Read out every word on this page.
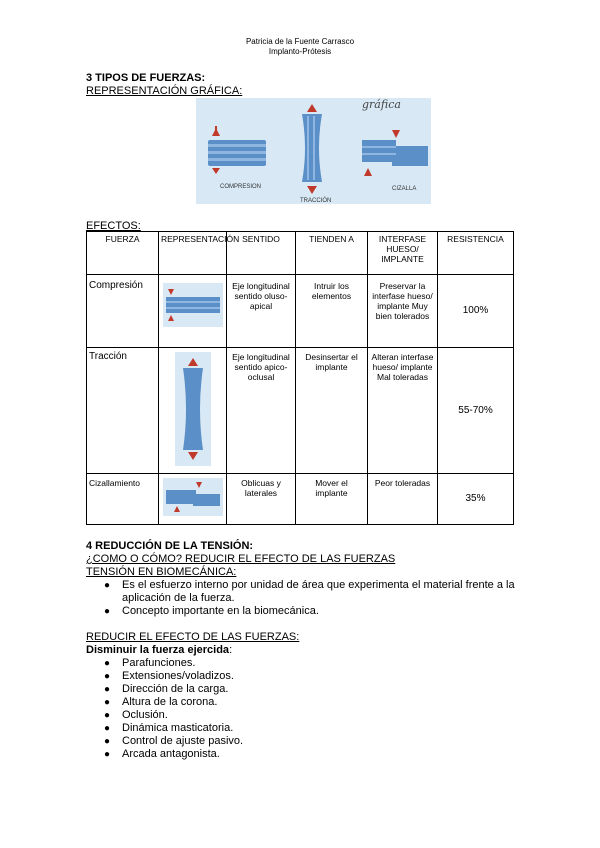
Patricia de la Fuente Carrasco
Implanto-Prótesis
3 TIPOS DE FUERZAS:
REPRESENTACIÓN GRÁFICA:
COMPRESION
TRACCIÓN
CIZALLA
gráfica
EFECTOS:
FUERZA	REPRESENTACIÓN	SENTIDO	TIENDEN A	INTERFASE HUESO/ IMPLANTE	RESISTENCIA
Compresión		Eje longitudinal sentido oluso- apical	Intruir los elementos	Preservar la interfase hueso/ implante Muy bien tolerados	100%
Tracción		Eje longitudinal sentido apico- oclusal	Desinsertar el implante	Alteran interfase hueso/ implante Mal toleradas	55-70%
Cizallamiento		Oblicuas y laterales	Mover el implante	Peor toleradas	35%
4 REDUCCIÓN DE LA TENSIÓN:
¿COMO O CÓMO? REDUCIR EL EFECTO DE LAS FUERZAS
TENSIÓN EN BIOMECÁNICA:
● Es el esfuerzo interno por unidad de área que experimenta el material frente a la aplicación de la fuerza.
● Concepto importante en la biomecánica.
REDUCIR EL EFECTO DE LAS FUERZAS:
Disminuir la fuerza ejercida:
● Parafunciones.
● Extensiones/voladizos.
● Dirección de la carga.
● Altura de la corona.
● Oclusión.
● Dinámica masticatoria.
● Control de ajuste pasivo.
● Arcada antagonista.
